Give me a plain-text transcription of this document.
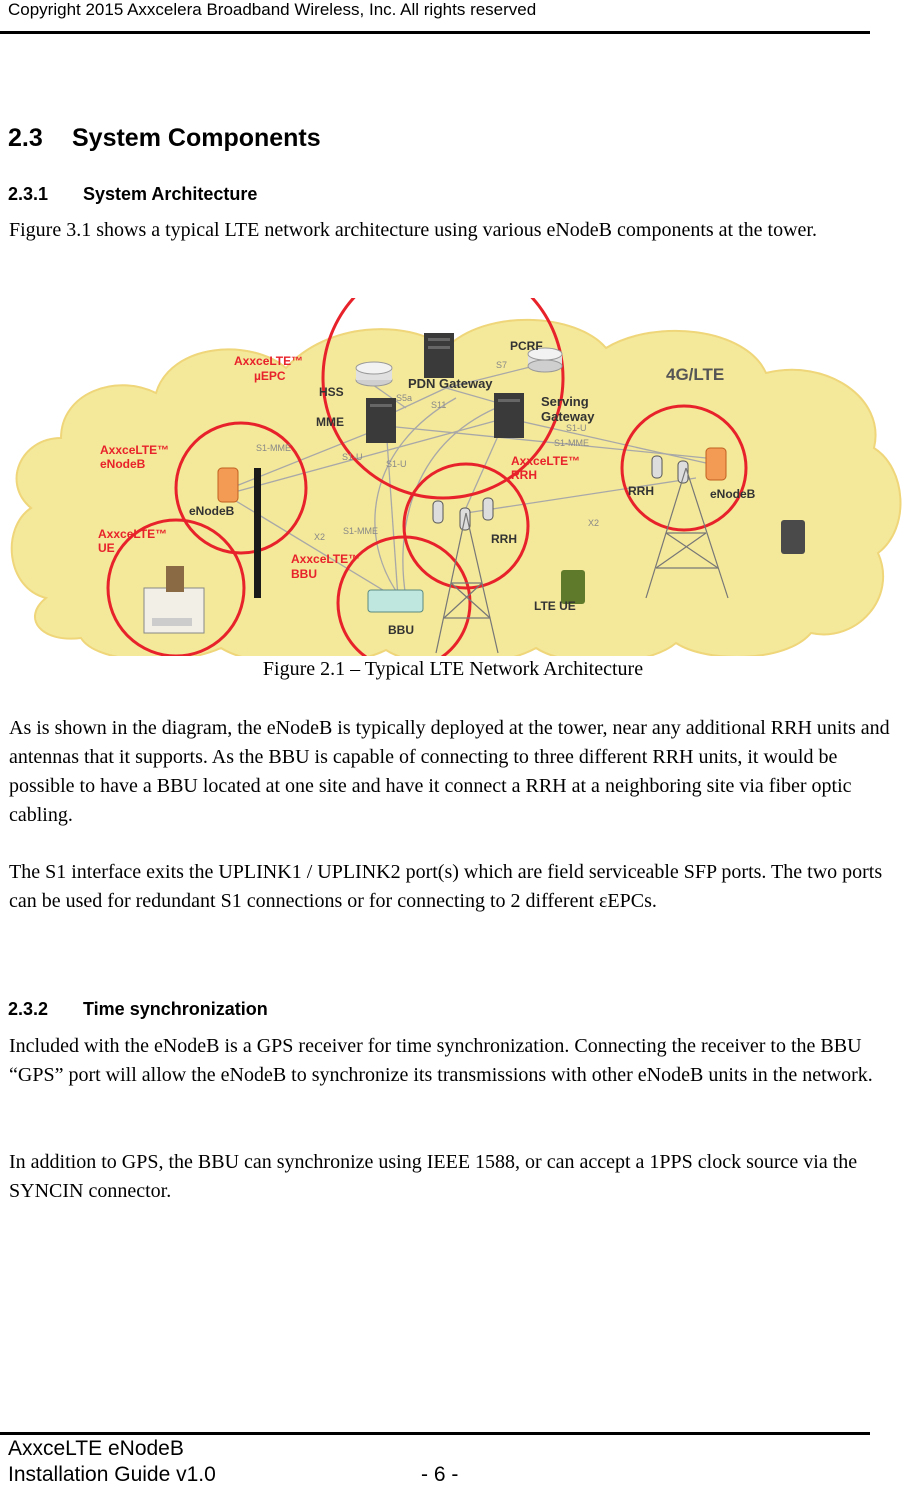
Copyright 2015 Axxcelera Broadband Wireless, Inc. All rights reserved
2.3 System Components
2.3.1 System Architecture
Figure 3.1 shows a typical LTE network architecture using various eNodeB components at the tower.
AxxceLTE™
µEPC	4G/LTE
HSS
PDN Gateway
PCRF
MME
Serving
Gateway
AxxceLTE™
eNodeB
eNodeB
AxxceLTE™
UE
AxxceLTE™
RRH
RRH
AxxceLTE™
BBU
BBU
RRH	eNodeB
LTE UE
S7
S5a
S11
S1-MME
S1-U
S1-U
S1-U
S1-MME
S1-MME
X2
X2
Figure 2.1 – Typical LTE Network Architecture
As is shown in the diagram, the eNodeB is typically deployed at the tower, near any additional RRH units and antennas that it supports. As the BBU is capable of connecting to three different RRH units, it would be possible to have a BBU located at one site and have it connect a RRH at a neighboring site via fiber optic cabling.
The S1 interface exits the UPLINK1 / UPLINK2 port(s) which are field serviceable SFP ports. The two ports can be used for redundant S1 connections or for connecting to 2 different εEPCs.
2.3.2 Time synchronization
Included with the eNodeB is a GPS receiver for time synchronization. Connecting the receiver to the BBU “GPS” port will allow the eNodeB to synchronize its transmissions with other eNodeB units in the network.
In addition to GPS, the BBU can synchronize using IEEE 1588, or can accept a 1PPS clock source via the SYNCIN connector.
AxxceLTE eNodeB
Installation Guide v1.0	- 6 -
